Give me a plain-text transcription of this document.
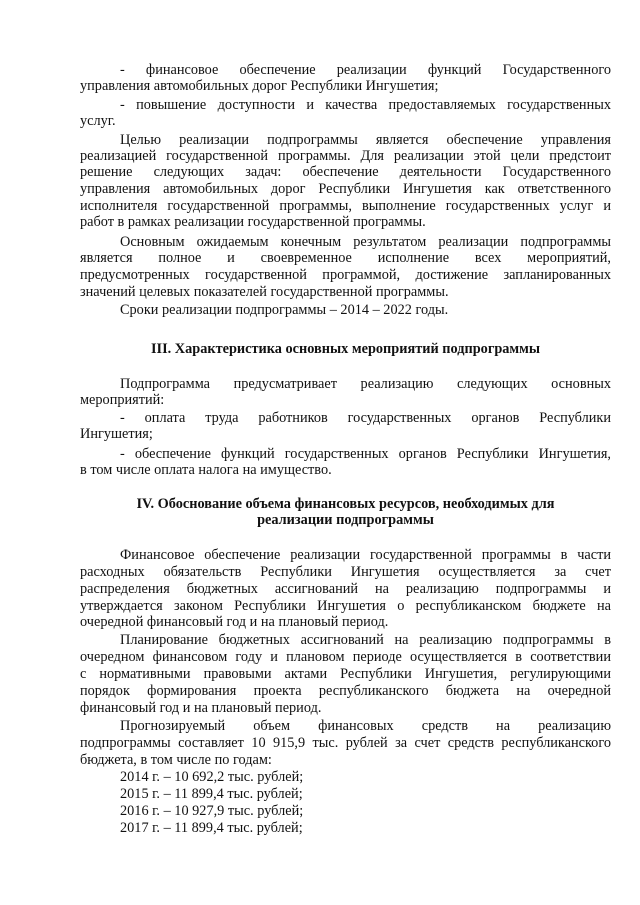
- финансовое обеспечение реализации функций Государственного
управления автомобильных дорог Республики Ингушетия;
- повышение доступности и качества предоставляемых государственных
услуг.
Целью реализации подпрограммы является обеспечение управления
реализацией государственной программы. Для реализации этой цели предстоит
решение следующих задач: обеспечение деятельности Государственного
управления автомобильных дорог Республики Ингушетия как ответственного
исполнителя государственной программы, выполнение государственных услуг и
работ в рамках реализации государственной программы.
Основным ожидаемым конечным результатом реализации подпрограммы
является полное и своевременное исполнение всех мероприятий,
предусмотренных государственной программой, достижение запланированных
значений целевых показателей государственной программы.
Сроки реализации подпрограммы – 2014 – 2022 годы.
III. Характеристика основных мероприятий подпрограммы
Подпрограмма предусматривает реализацию следующих основных
мероприятий:
- оплата труда работников государственных органов Республики
Ингушетия;
- обеспечение функций государственных органов Республики Ингушетия,
в том числе оплата налога на имущество.
IV. Обоснование объема финансовых ресурсов, необходимых для
реализации подпрограммы
Финансовое обеспечение реализации государственной программы в части
расходных обязательств Республики Ингушетия осуществляется за счет
распределения бюджетных ассигнований на реализацию подпрограммы и
утверждается законом Республики Ингушетия о республиканском бюджете на
очередной финансовый год и на плановый период.
Планирование бюджетных ассигнований на реализацию подпрограммы в
очередном финансовом году и плановом периоде осуществляется в соответствии
с нормативными правовыми актами Республики Ингушетия, регулирующими
порядок формирования проекта республиканского бюджета на очередной
финансовый год и на плановый период.
Прогнозируемый объем финансовых средств на реализацию
подпрограммы составляет 10 915,9 тыс. рублей за счет средств республиканского
бюджета, в том числе по годам:
2014 г. – 10 692,2 тыс. рублей;
2015 г. – 11 899,4 тыс. рублей;
2016 г. – 10 927,9 тыс. рублей;
2017 г. – 11 899,4 тыс. рублей;
